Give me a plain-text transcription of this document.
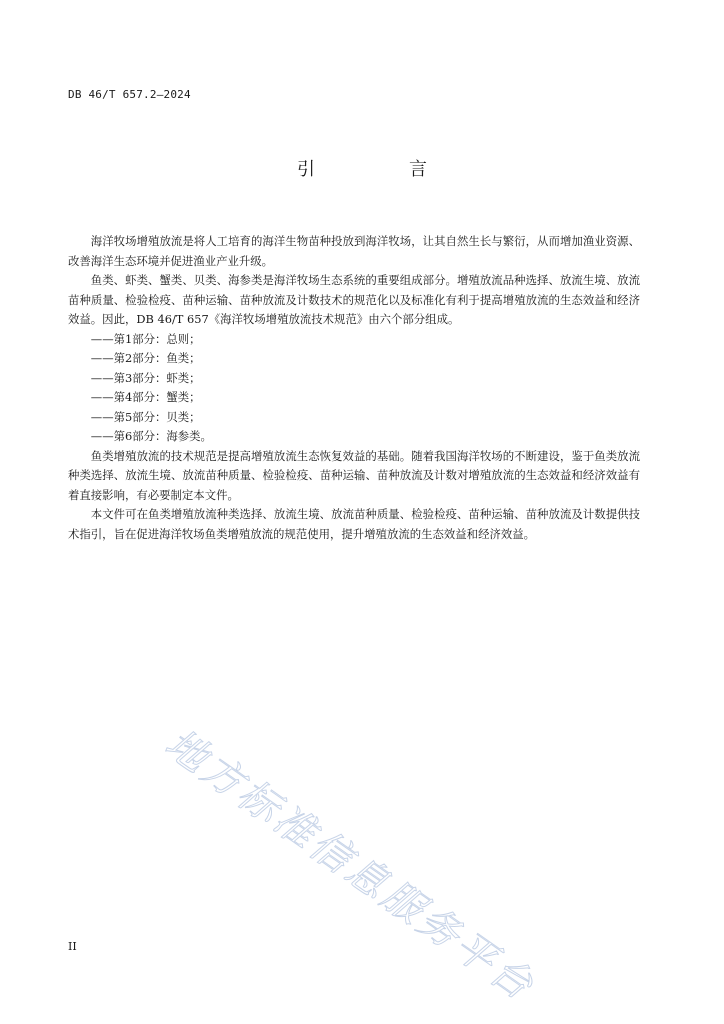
DB 46/T 657.2—2024
引　言

海洋牧场增殖放流是将人工培育的海洋生物苗种投放到海洋牧场，让其自然生长与繁衍，从而增加渔业资源、改善海洋生态环境并促进渔业产业升级。

鱼类、虾类、蟹类、贝类、海参类是海洋牧场生态系统的重要组成部分。增殖放流品种选择、放流生境、放流苗种质量、检验检疫、苗种运输、苗种放流及计数技术的规范化以及标准化有利于提高增殖放流的生态效益和经济效益。因此，DB 46/T 657《海洋牧场增殖放流技术规范》由六个部分组成。

——第1部分：总则；
——第2部分：鱼类；
——第3部分：虾类；
——第4部分：蟹类；
——第5部分：贝类；
——第6部分：海参类。

鱼类增殖放流的技术规范是提高增殖放流生态恢复效益的基础。随着我国海洋牧场的不断建设，鉴于鱼类放流种类选择、放流生境、放流苗种质量、检验检疫、苗种运输、苗种放流及计数对增殖放流的生态效益和经济效益有着直接影响，有必要制定本文件。

本文件可在鱼类增殖放流种类选择、放流生境、放流苗种质量、检验检疫、苗种运输、苗种放流及计数提供技术指引，旨在促进海洋牧场鱼类增殖放流的规范使用，提升增殖放流的生态效益和经济效益。

地方标准信息服务平台
II
